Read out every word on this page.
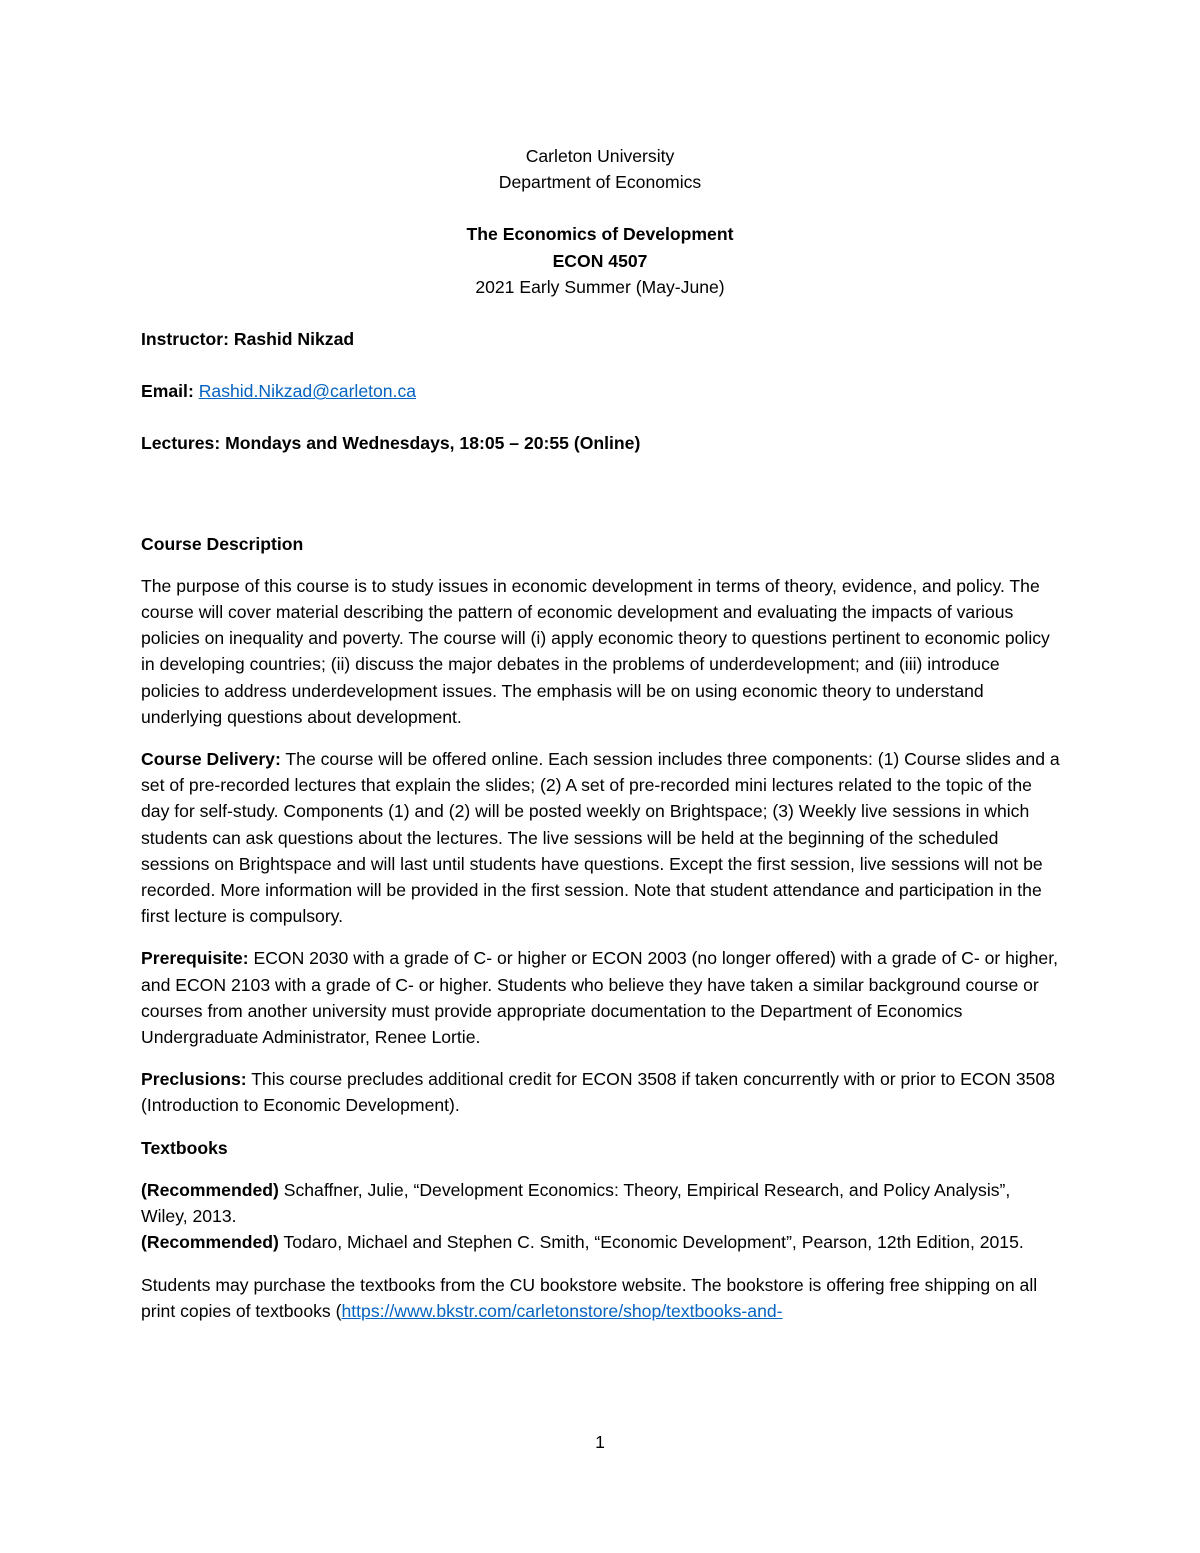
Carleton University

Department of Economics

The Economics of Development

ECON 4507

2021 Early Summer (May-June)

Instructor: Rashid Nikzad

Email: Rashid.Nikzad@carleton.ca

Lectures: Mondays and Wednesdays, 18:05 – 20:55 (Online)

Course Description

The purpose of this course is to study issues in economic development in terms of theory, evidence, and policy. The course will cover material describing the pattern of economic development and evaluating the impacts of various policies on inequality and poverty. The course will (i) apply economic theory to questions pertinent to economic policy in developing countries; (ii) discuss the major debates in the problems of underdevelopment; and (iii) introduce policies to address underdevelopment issues. The emphasis will be on using economic theory to understand underlying questions about development.

Course Delivery: The course will be offered online. Each session includes three components: (1) Course slides and a set of pre-recorded lectures that explain the slides; (2) A set of pre-recorded mini lectures related to the topic of the day for self-study. Components (1) and (2) will be posted weekly on Brightspace; (3) Weekly live sessions in which students can ask questions about the lectures. The live sessions will be held at the beginning of the scheduled sessions on Brightspace and will last until students have questions. Except the first session, live sessions will not be recorded. More information will be provided in the first session. Note that student attendance and participation in the first lecture is compulsory.

Prerequisite: ECON 2030 with a grade of C- or higher or ECON 2003 (no longer offered) with a grade of C- or higher, and ECON 2103 with a grade of C- or higher. Students who believe they have taken a similar background course or courses from another university must provide appropriate documentation to the Department of Economics Undergraduate Administrator, Renee Lortie.

Preclusions: This course precludes additional credit for ECON 3508 if taken concurrently with or prior to ECON 3508 (Introduction to Economic Development).

Textbooks

(Recommended) Schaffner, Julie, “Development Economics: Theory, Empirical Research, and Policy Analysis”, Wiley, 2013.

(Recommended) Todaro, Michael and Stephen C. Smith, “Economic Development”, Pearson, 12th Edition, 2015.

Students may purchase the textbooks from the CU bookstore website. The bookstore is offering free shipping on all print copies of textbooks (https://www.bkstr.com/carletonstore/shop/textbooks-and-

1
